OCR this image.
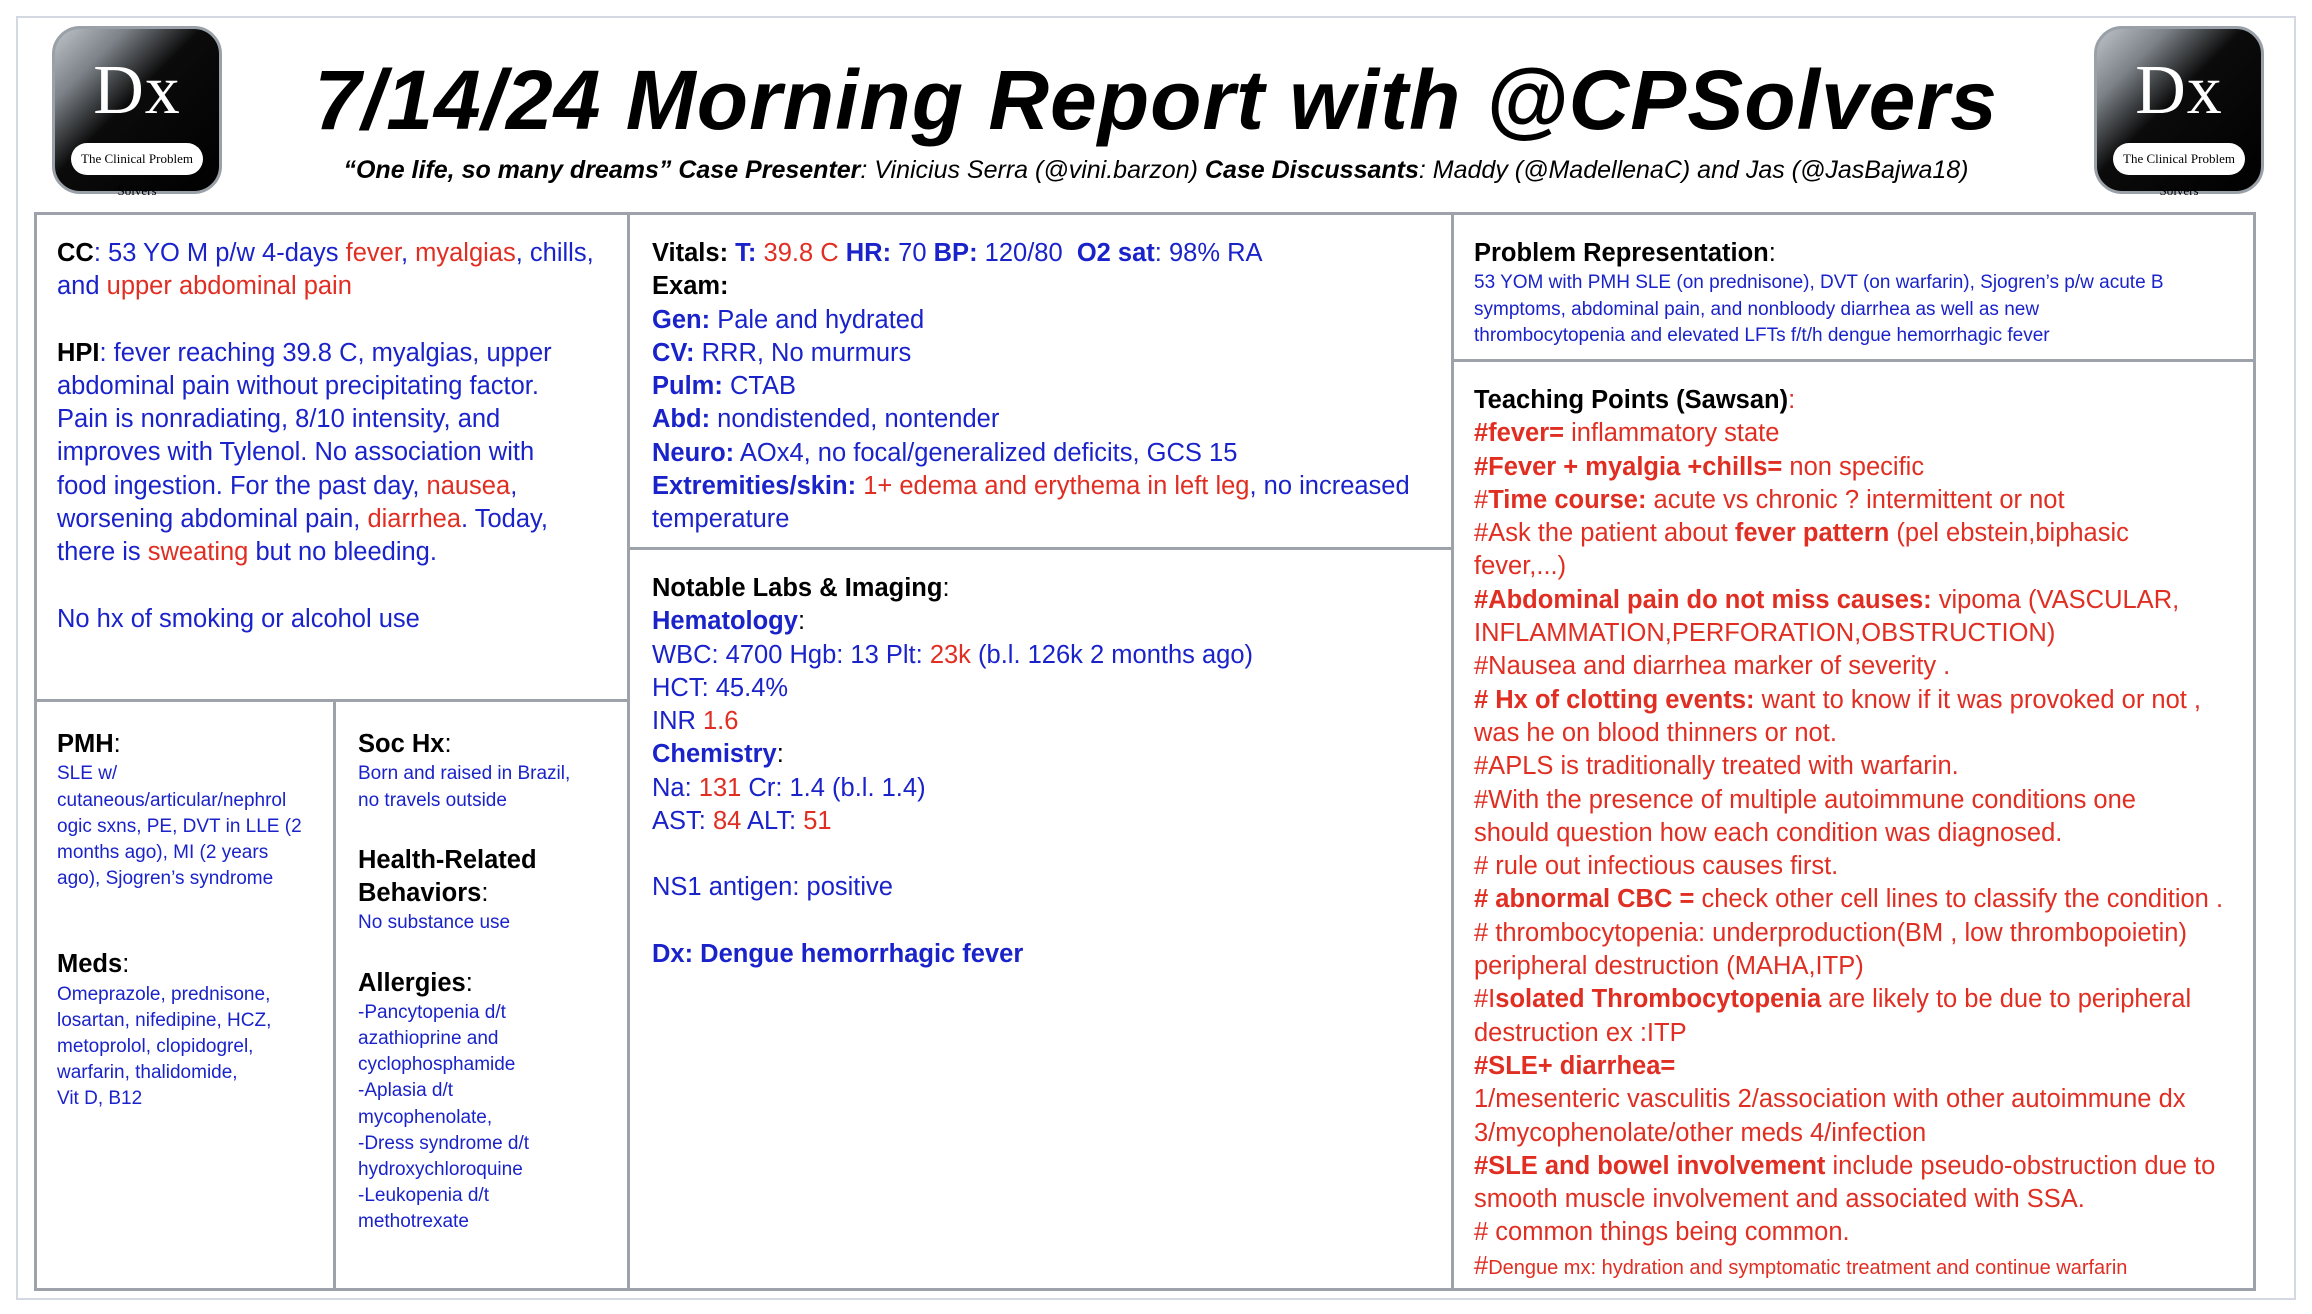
Dx
The Clinical Problem Solvers
Dx
The Clinical Problem Solvers
7/14/24 Morning Report with @CPSolvers
“One life, so many dreams” Case Presenter: Vinicius Serra (@vini.barzon) Case Discussants: Maddy (@MadellenaC) and Jas (@JasBajwa18)
CC: 53 YO M p/w 4-days fever, myalgias, chills,
and upper abdominal pain
HPI: fever reaching 39.8 C, myalgias, upper
abdominal pain without precipitating factor.
Pain is nonradiating, 8/10 intensity, and
improves with Tylenol. No association with
food ingestion. For the past day, nausea,
worsening abdominal pain, diarrhea. Today,
there is sweating but no bleeding.
No hx of smoking or alcohol use
PMH:
SLE w/
cutaneous/articular/nephrol
ogic sxns, PE, DVT in LLE (2
months ago), MI (2 years
ago), Sjogren’s syndrome
Meds:
Omeprazole, prednisone,
losartan, nifedipine, HCZ,
metoprolol, clopidogrel,
warfarin, thalidomide,
Vit D, B12
Soc Hx:
Born and raised in Brazil,
no travels outside
Health-Related
Behaviors:
No substance use
Allergies:
-Pancytopenia d/t
azathioprine and
cyclophosphamide
-Aplasia d/t
mycophenolate,
-Dress syndrome d/t
hydroxychloroquine
-Leukopenia d/t
methotrexate
Vitals: T: 39.8 C HR: 70 BP: 120/80 O2 sat: 98% RA
Exam:
Gen: Pale and hydrated
CV: RRR, No murmurs
Pulm: CTAB
Abd: nondistended, nontender
Neuro: AOx4, no focal/generalized deficits, GCS 15
Extremities/skin: 1+ edema and erythema in left leg, no increased
temperature
Notable Labs & Imaging:
Hematology:
WBC: 4700 Hgb: 13 Plt: 23k (b.l. 126k 2 months ago)
HCT: 45.4%
INR 1.6
Chemistry:
Na: 131 Cr: 1.4 (b.l. 1.4)
AST: 84 ALT: 51
NS1 antigen: positive
Dx: Dengue hemorrhagic fever
Problem Representation:
53 YOM with PMH SLE (on prednisone), DVT (on warfarin), Sjogren’s p/w acute B
symptoms, abdominal pain, and nonbloody diarrhea as well as new
thrombocytopenia and elevated LFTs f/t/h dengue hemorrhagic fever
Teaching Points (Sawsan):
#fever= inflammatory state
#Fever + myalgia +chills= non specific
#Time course: acute vs chronic ? intermittent or not
#Ask the patient about fever pattern (pel ebstein,biphasic
fever,...)
#Abdominal pain do not miss causes: vipoma (VASCULAR,
INFLAMMATION,PERFORATION,OBSTRUCTION)
#Nausea and diarrhea marker of severity .
# Hx of clotting events: want to know if it was provoked or not ,
was he on blood thinners or not.
#APLS is traditionally treated with warfarin.
#With the presence of multiple autoimmune conditions one
should question how each condition was diagnosed.
# rule out infectious causes first.
# abnormal CBC = check other cell lines to classify the condition .
# thrombocytopenia: underproduction(BM , low thrombopoietin)
peripheral destruction (MAHA,ITP)
#Isolated Thrombocytopenia are likely to be due to peripheral
destruction ex :ITP
#SLE+ diarrhea=
1/mesenteric vasculitis 2/association with other autoimmune dx
3/mycophenolate/other meds 4/infection
#SLE and bowel involvement include pseudo-obstruction due to
smooth muscle involvement and associated with SSA.
# common things being common.
#Dengue mx: hydration and symptomatic treatment and continue warfarin
